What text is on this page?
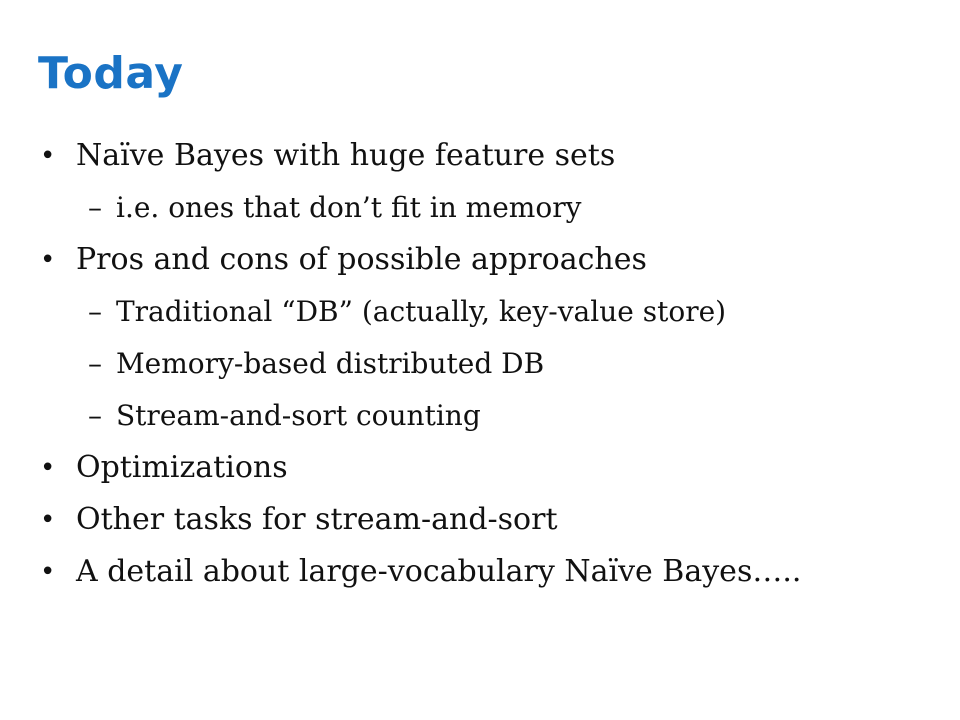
Today
• Naïve Bayes with huge feature sets
– i.e. ones that don’t fit in memory
• Pros and cons of possible approaches
– Traditional “DB” (actually, key-value store)
– Memory-based distributed DB
– Stream-and-sort counting
• Optimizations
• Other tasks for stream-and-sort
• A detail about large-vocabulary Naïve Bayes…..
